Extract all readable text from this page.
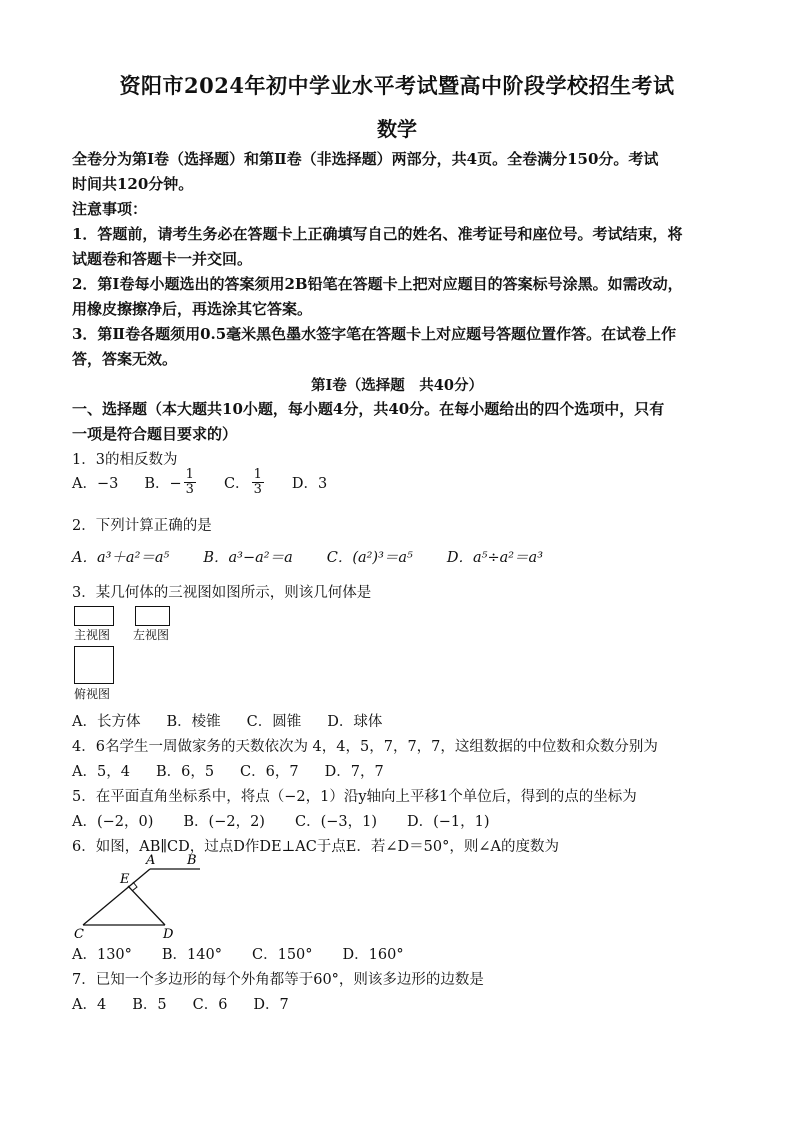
资阳市2024年初中学业水平考试暨高中阶段学校招生考试
数学
全卷分为第Ⅰ卷（选择题）和第Ⅱ卷（非选择题）两部分，共4页。全卷满分150分。考试
时间共120分钟。
注意事项：
1．答题前，请考生务必在答题卡上正确填写自己的姓名、准考证号和座位号。考试结束，将
试题卷和答题卡一并交回。
2．第Ⅰ卷每小题选出的答案须用2B铅笔在答题卡上把对应题目的答案标号涂黑。如需改动，
用橡皮擦擦净后，再选涂其它答案。
3．第Ⅱ卷各题须用0.5毫米黑色墨水签字笔在答题卡上对应题号答题位置作答。在试卷上作
答，答案无效。
第Ⅰ卷（选择题　共40分）
一、选择题（本大题共10小题，每小题4分，共40分。在每小题给出的四个选项中，只有
一项是符合题目要求的）
1．3的相反数为
A．−3 B．− $\frac{1}{3}$ C． $\frac{1}{3}$ D．3
2．下列计算正确的是
A．a³＋a²＝a⁵ B．a³−a²＝a C．(a²)³＝a⁵ D．a⁵÷a²＝a³
3．某几何体的三视图如图所示，则该几何体是
主视图 左视图
俯视图
A．长方体 B．棱锥 C．圆锥 D．球体
4．6名学生一周做家务的天数依次为 4，4，5，7，7，7，这组数据的中位数和众数分别为
A．5，4 B．6，5 C．6，7 D．7，7
5．在平面直角坐标系中，将点（−2，1）沿y轴向上平移1个单位后，得到的点的坐标为
A．(−2，0) B．(−2，2) C．(−3，1) D．(−1，1)
6．如图，AB∥CD，过点D作DE⊥AC于点E．若∠D＝50°，则∠A的度数为
A B
E
C	D
A．130° B．140° C．150° D．160°
7．已知一个多边形的每个外角都等于60°，则该多边形的边数是
A．4 B．5 C．6 D．7
